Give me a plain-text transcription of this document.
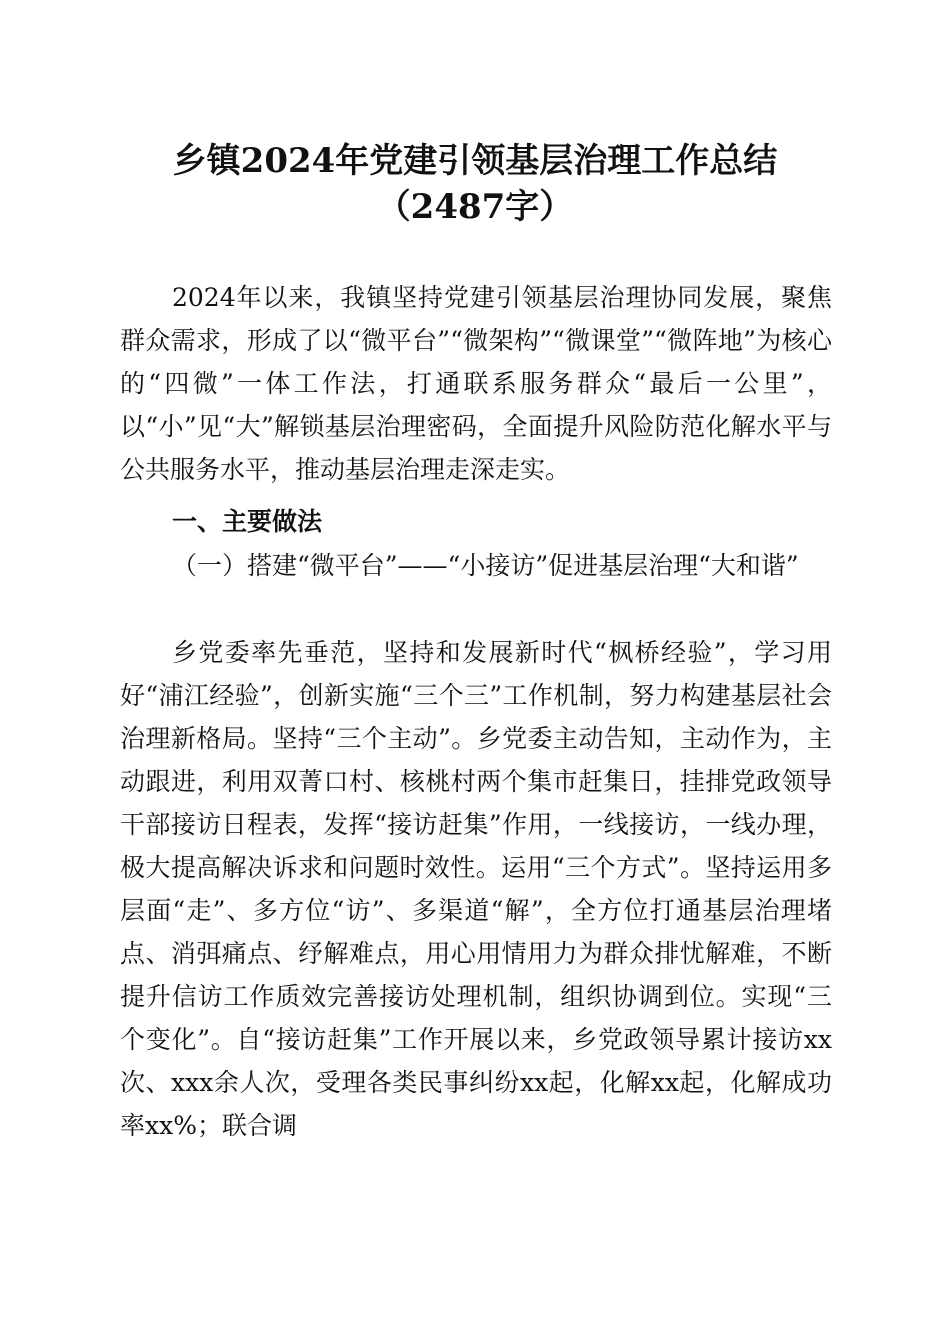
乡镇2024年党建引领基层治理工作总结
（2487字）

2024年以来，我镇坚持党建引领基层治理协同发展，聚焦群众需求，形成了以“微平台”“微架构”“微课堂”“微阵地”为核心的“四微”一体工作法，打通联系服务群众“最后一公里”，以“小”见“大”解锁基层治理密码，全面提升风险防范化解水平与公共服务水平，推动基层治理走深走实。

一、主要做法

（一）搭建“微平台”——“小接访”促进基层治理“大和谐”

乡党委率先垂范，坚持和发展新时代“枫桥经验”，学习用好“浦江经验”，创新实施“三个三”工作机制，努力构建基层社会治理新格局。坚持“三个主动”。乡党委主动告知，主动作为，主动跟进，利用双菁口村、核桃村两个集市赶集日，挂排党政领导干部接访日程表，发挥“接访赶集”作用，一线接访，一线办理，极大提高解决诉求和问题时效性。运用“三个方式”。坚持运用多层面“走”、多方位“访”、多渠道“解”，全方位打通基层治理堵点、消弭痛点、纾解难点，用心用情用力为群众排忧解难，不断提升信访工作质效完善接访处理机制，组织协调到位。实现“三个变化”。自“接访赶集”工作开展以来，乡党政领导累计接访xx次、xxx余人次，受理各类民事纠纷xx起，化解xx起，化解成功率xx%；联合调
